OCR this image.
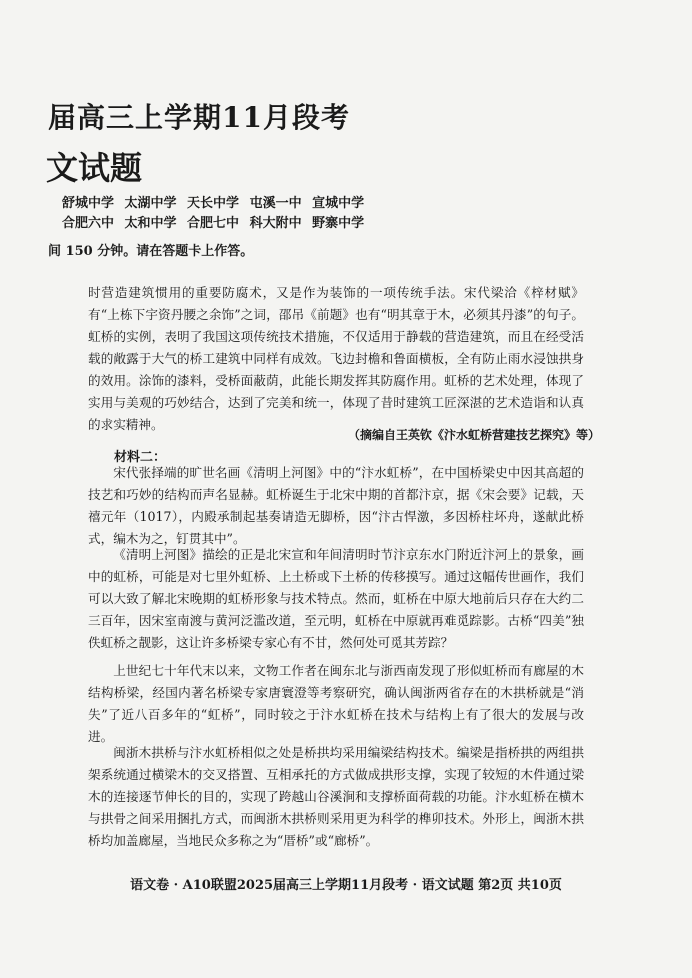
届高三上学期11月段考
文试题
舒城中学 太湖中学 天长中学 屯溪一中 宣城中学
合肥六中 太和中学 合肥七中 科大附中 野寨中学
间 150 分钟。请在答题卡上作答。

时营造建筑惯用的重要防腐术，又是作为装饰的一项传统手法。宋代梁洽《梓材赋》有“上栋下宇资丹腰之余饰”之词，邵吊《前题》也有“明其章于木，必须其丹漆”的句子。虹桥的实例，表明了我国这项传统技术措施，不仅适用于静载的营造建筑，而且在经受活载的敞露于大气的桥工建筑中同样有成效。飞边封檐和鲁面横板，全有防止雨水浸蚀拱身的效用。涂饰的漆料，受桥面蔽荫，此能长期发挥其防腐作用。虹桥的艺术处理，体现了实用与美观的巧妙结合，达到了完美和统一，体现了昔时建筑工匠深湛的艺术造诣和认真的求实精神。

（摘编自王英钦《汴水虹桥营建技艺探究》等）
材料二：

宋代张择端的旷世名画《清明上河图》中的“汴水虹桥”，在中国桥梁史中因其高超的技艺和巧妙的结构而声名显赫。虹桥诞生于北宋中期的首都汴京，据《宋会要》记载，天禧元年（1017），内殿承制起基奏请造无脚桥，因“汴古悍激，多因桥柱坏舟，遂献此桥式，编木为之，钉贯其中”。

《清明上河图》描绘的正是北宋宣和年间清明时节汴京东水门附近汴河上的景象，画中的虹桥，可能是对七里外虹桥、上土桥或下土桥的传移摸写。通过这幅传世画作，我们可以大致了解北宋晚期的虹桥形象与技术特点。然而，虹桥在中原大地前后只存在大约二三百年，因宋室南渡与黄河泛滥改道，至元明，虹桥在中原就再难觅踪影。古桥“四美”独佚虹桥之靓影，这让许多桥梁专家心有不甘，然何处可觅其芳踪？

上世纪七十年代末以来，文物工作者在闽东北与浙西南发现了形似虹桥而有廊屋的木结构桥梁，经国内著名桥梁专家唐寰澄等考察研究，确认闽浙两省存在的木拱桥就是“消失”了近八百多年的“虹桥”，同时较之于汴水虹桥在技术与结构上有了很大的发展与改进。

闽浙木拱桥与汴水虹桥相似之处是桥拱均采用编梁结构技术。编梁是指桥拱的两组拱架系统通过横梁木的交叉搭置、互相承托的方式做成拱形支撑，实现了较短的木件通过梁木的连接逐节伸长的目的，实现了跨越山谷溪涧和支撑桥面荷载的功能。汴水虹桥在横木与拱骨之间采用捆扎方式，而闽浙木拱桥则采用更为科学的榫卯技术。外形上，闽浙木拱桥均加盖廊屋，当地民众多称之为“厝桥”或“廊桥”。

语文卷 · A10联盟2025届高三上学期11月段考 · 语文试题 第2页 共10页
